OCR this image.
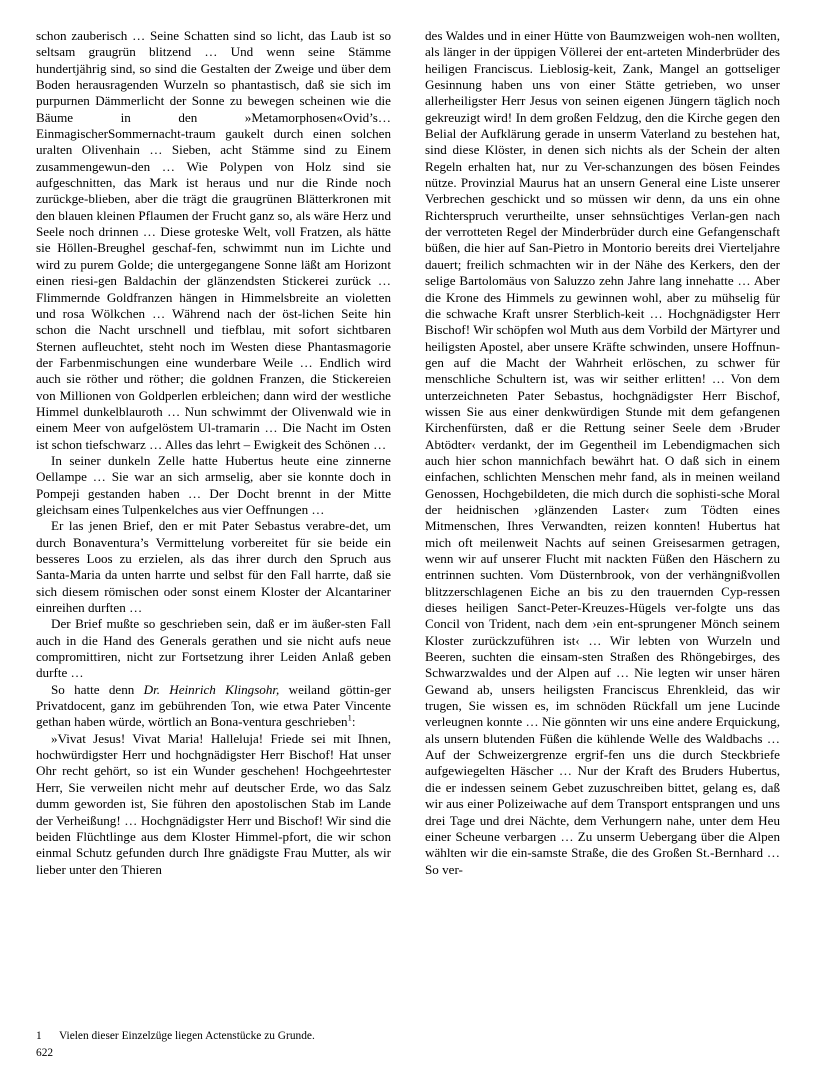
schon zauberisch … Seine Schatten sind so licht, das Laub ist so seltsam graugrün blitzend … Und wenn seine Stämme hundertjährig sind, so sind die Gestalten der Zweige und über dem Boden herausragenden Wurzeln so phantastisch, daß sie sich im purpurnen Dämmerlicht der Sonne zu bewegen scheinen wie die Bäume in den »Metamorphosen«Ovid’s… EinmagischerSommernacht-traum gaukelt durch einen solchen uralten Olivenhain … Sieben, acht Stämme sind zu Einem zusammengewun-den … Wie Polypen von Holz sind sie aufgeschnitten, das Mark ist heraus und nur die Rinde noch zurückge-blieben, aber die trägt die graugrünen Blätterkronen mit den blauen kleinen Pflaumen der Frucht ganz so, als wäre Herz und Seele noch drinnen … Diese groteske Welt, voll Fratzen, als hätte sie Höllen-Breughel geschaf-fen, schwimmt nun im Lichte und wird zu purem Golde; die untergegangene Sonne läßt am Horizont einen riesi-gen Baldachin der glänzendsten Stickerei zurück … Flimmernde Goldfranzen hängen in Himmelsbreite an violetten und rosa Wölkchen … Während nach der öst-lichen Seite hin schon die Nacht urschnell und tiefblau, mit sofort sichtbaren Sternen aufleuchtet, steht noch im Westen diese Phantasmagorie der Farbenmischungen eine wunderbare Weile … Endlich wird auch sie röther und röther; die goldnen Franzen, die Stickereien von Millionen von Goldperlen erbleichen; dann wird der westliche Himmel dunkelblauroth … Nun schwimmt der Olivenwald wie in einem Meer von aufgelöstem Ul-tramarin … Die Nacht im Osten ist schon tiefschwarz … Alles das lehrt – Ewigkeit des Schönen …

In seiner dunkeln Zelle hatte Hubertus heute eine zinnerne Oellampe … Sie war an sich armselig, aber sie konnte doch in Pompeji gestanden haben … Der Docht brennt in der Mitte gleichsam eines Tulpenkelches aus vier Oeffnungen …

Er las jenen Brief, den er mit Pater Sebastus verabre-det, um durch Bonaventura’s Vermittelung vorbereitet für sie beide ein besseres Loos zu erzielen, als das ihrer durch den Spruch aus Santa-Maria da unten harrte und selbst für den Fall harrte, daß sie sich diesem römischen oder sonst einem Kloster der Alcantariner einreihen durften …

Der Brief mußte so geschrieben sein, daß er im äußer-sten Fall auch in die Hand des Generals gerathen und sie nicht aufs neue compromittiren, nicht zur Fortsetzung ihrer Leiden Anlaß geben durfte …

So hatte denn Dr. Heinrich Klingsohr, weiland göttin-ger Privatdocent, ganz im gebührenden Ton, wie etwa Pater Vincente gethan haben würde, wörtlich an Bona-ventura geschrieben$^1$:

»Vivat Jesus! Vivat Maria! Halleluja! Friede sei mit Ihnen, hochwürdigster Herr und hochgnädigster Herr Bischof! Hat unser Ohr recht gehört, so ist ein Wunder geschehen! Hochgeehrtester Herr, Sie verweilen nicht mehr auf deutscher Erde, wo das Salz dumm geworden ist, Sie führen den apostolischen Stab im Lande der Verheißung! … Hochgnädigster Herr und Bischof! Wir sind die beiden Flüchtlinge aus dem Kloster Himmel-pfort, die wir schon einmal Schutz gefunden durch Ihre gnädigste Frau Mutter, als wir lieber unter den Thieren

des Waldes und in einer Hütte von Baumzweigen woh-nen wollten, als länger in der üppigen Völlerei der ent-arteten Minderbrüder des heiligen Franciscus. Lieblosig-keit, Zank, Mangel an gottseliger Gesinnung haben uns von einer Stätte getrieben, wo unser allerheiligster Herr Jesus von seinen eigenen Jüngern täglich noch gekreuzigt wird! In dem großen Feldzug, den die Kirche gegen den Belial der Aufklärung gerade in unserm Vaterland zu bestehen hat, sind diese Klöster, in denen sich nichts als der Schein der alten Regeln erhalten hat, nur zu Ver-schanzungen des bösen Feindes nütze. Provinzial Maurus hat an unsern General eine Liste unserer Verbrechen geschickt und so müssen wir denn, da uns ein ohne Richterspruch verurtheilte, unser sehnsüchtiges Verlan-gen nach der verrotteten Regel der Minderbrüder durch eine Gefangenschaft büßen, die hier auf San-Pietro in Montorio bereits drei Vierteljahre dauert; freilich schmachten wir in der Nähe des Kerkers, den der selige Bartolomäus von Saluzzo zehn Jahre lang innehatte … Aber die Krone des Himmels zu gewinnen wohl, aber zu mühselig für die schwache Kraft unsrer Sterblich-keit … Hochgnädigster Herr Bischof! Wir schöpfen wol Muth aus dem Vorbild der Märtyrer und heiligsten Apostel, aber unsere Kräfte schwinden, unsere Hoffnun-gen auf die Macht der Wahrheit erlöschen, zu schwer für menschliche Schultern ist, was wir seither erlitten! … Von dem unterzeichneten Pater Sebastus, hochgnädigster Herr Bischof, wissen Sie aus einer denkwürdigen Stunde mit dem gefangenen Kirchenfürsten, daß er die Rettung seiner Seele dem ›Bruder Abtödter‹ verdankt, der im Gegentheil im Lebendigmachen sich auch hier schon mannichfach bewährt hat. O daß sich in einem einfachen, schlichten Menschen mehr fand, als in meinen weiland Genossen, Hochgebildeten, die mich durch die sophisti-sche Moral der heidnischen ›glänzenden Laster‹ zum Tödten eines Mitmenschen, Ihres Verwandten, reizen konnten! Hubertus hat mich oft meilenweit Nachts auf seinen Greisesarmen getragen, wenn wir auf unserer Flucht mit nackten Füßen den Häschern zu entrinnen suchten. Vom Düsternbrook, von der verhängnißvollen blitzzerschlagenen Eiche an bis zu den trauernden Cyp-ressen dieses heiligen Sanct-Peter-Kreuzes-Hügels ver-folgte uns das Concil von Trident, nach dem ›ein ent-sprungener Mönch seinem Kloster zurückzuführen ist‹ … Wir lebten von Wurzeln und Beeren, suchten die einsam-sten Straßen des Rhöngebirges, des Schwarzwaldes und der Alpen auf … Nie legten wir unser hären Gewand ab, unsers heiligsten Franciscus Ehrenkleid, das wir trugen, Sie wissen es, im schnöden Rückfall um jene Lucinde verleugnen konnte … Nie gönnten wir uns eine andere Erquickung, als unsern blutenden Füßen die kühlende Welle des Waldbachs … Auf der Schweizergrenze ergrif-fen uns die durch Steckbriefe aufgewiegelten Häscher … Nur der Kraft des Bruders Hubertus, die er indessen seinem Gebet zuzuschreiben bittet, gelang es, daß wir aus einer Polizeiwache auf dem Transport entsprangen und uns drei Tage und drei Nächte, dem Verhungern nahe, unter dem Heu einer Scheune verbargen … Zu unserm Uebergang über die Alpen wählten wir die ein-samste Straße, die des Großen St.-Bernhard … So ver-

1	Vielen dieser Einzelzüge liegen Actenstücke zu Grunde.

622
